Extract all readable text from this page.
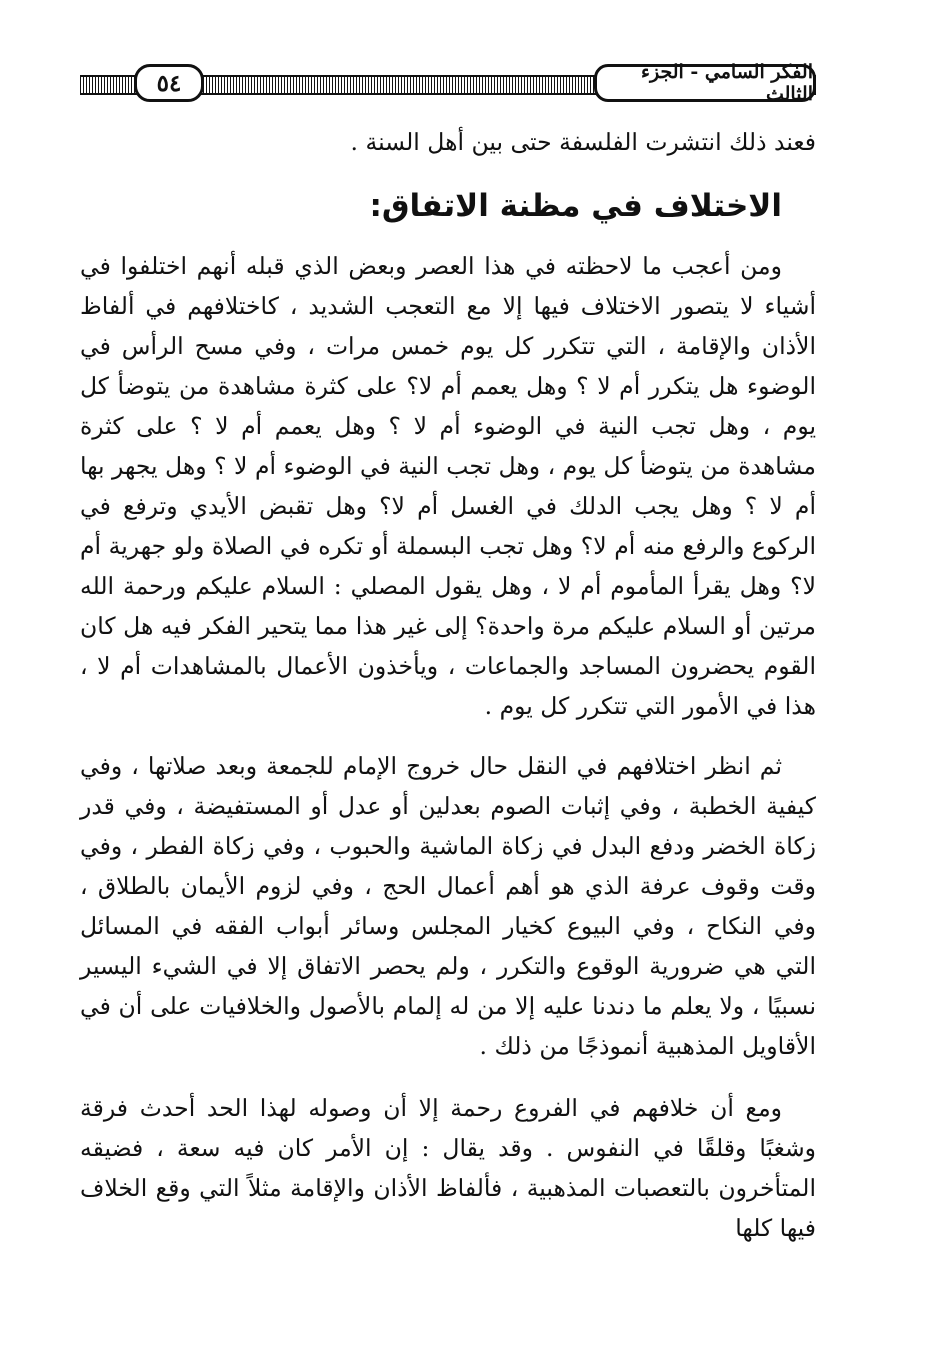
الفكر السامي - الجزء الثالث
٥٤

فعند ذلك انتشرت الفلسفة حتى بين أهل السنة .

الاختلاف في مظنة الاتفاق:

ومن أعجب ما لاحظته في هذا العصر وبعض الذي قبله أنهم اختلفوا في أشياء لا يتصور الاختلاف فيها إلا مع التعجب الشديد ، كاختلافهم في ألفاظ الأذان والإقامة ، التي تتكرر كل يوم خمس مرات ، وفي مسح الرأس في الوضوء هل يتكرر أم لا ؟ وهل يعمم أم لا؟ على كثرة مشاهدة من يتوضأ كل يوم ، وهل تجب النية في الوضوء أم لا ؟ وهل يعمم أم لا ؟ على كثرة مشاهدة من يتوضأ كل يوم ، وهل تجب النية في الوضوء أم لا ؟ وهل يجهر بها أم لا ؟ وهل يجب الدلك في الغسل أم لا؟ وهل تقبض الأيدي وترفع في الركوع والرفع منه أم لا؟ وهل تجب البسملة أو تكره في الصلاة ولو جهرية أم لا؟ وهل يقرأ المأموم أم لا ، وهل يقول المصلي : السلام عليكم ورحمة الله مرتين أو السلام عليكم مرة واحدة؟ إلى غير هذا مما يتحير الفكر فيه هل كان القوم يحضرون المساجد والجماعات ، ويأخذون الأعمال بالمشاهدات أم لا ، هذا في الأمور التي تتكرر كل يوم .

ثم انظر اختلافهم في النقل حال خروج الإمام للجمعة وبعد صلاتها ، وفي كيفية الخطبة ، وفي إثبات الصوم بعدلين أو عدل أو المستفيضة ، وفي قدر زكاة الخضر ودفع البدل في زكاة الماشية والحبوب ، وفي زكاة الفطر ، وفي وقت وقوف عرفة الذي هو أهم أعمال الحج ، وفي لزوم الأيمان بالطلاق ، وفي النكاح ، وفي البيوع كخيار المجلس وسائر أبواب الفقه في المسائل التي هي ضرورية الوقوع والتكرر ، ولم يحصر الاتفاق إلا في الشيء اليسير نسبيًا ، ولا يعلم ما دندنا عليه إلا من له إلمام بالأصول والخلافيات على أن في الأقاويل المذهبية أنموذجًا من ذلك .

ومع أن خلافهم في الفروع رحمة إلا أن وصوله لهذا الحد أحدث فرقة وشغبًا وقلقًا في النفوس . وقد يقال : إن الأمر كان فيه سعة ، فضيقه المتأخرون بالتعصبات المذهبية ، فألفاظ الأذان والإقامة مثلاً التي وقع الخلاف فيها كلها
